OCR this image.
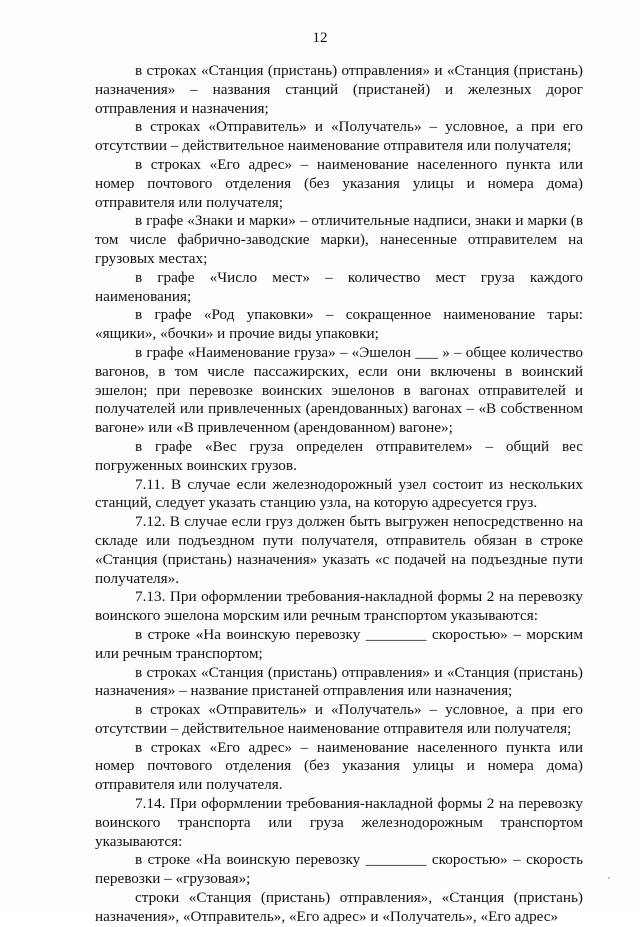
12

в строках «Станция (пристань) отправления» и «Станция (пристань) назначения» – названия станций (пристаней) и железных дорог отправления и назначения;

в строках «Отправитель» и «Получатель» – условное, а при его отсутствии – действительное наименование отправителя или получателя;

в строках «Его адрес» – наименование населенного пункта или номер почтового отделения (без указания улицы и номера дома) отправителя или получателя;

в графе «Знаки и марки» – отличительные надписи, знаки и марки (в том числе фабрично-заводские марки), нанесенные отправителем на грузовых местах;

в графе «Число мест» – количество мест груза каждого наименования;

в графе «Род упаковки» – сокращенное наименование тары: «ящики», «бочки» и прочие виды упаковки;

в графе «Наименование груза» – «Эшелон ___ » – общее количество вагонов, в том числе пассажирских, если они включены в воинский эшелон; при перевозке воинских эшелонов в вагонах отправителей и получателей или привлеченных (арендованных) вагонах – «В собственном вагоне» или «В привлеченном (арендованном) вагоне»;

в графе «Вес груза определен отправителем» – общий вес погруженных воинских грузов.

7.11. В случае если железнодорожный узел состоит из нескольких станций, следует указать станцию узла, на которую адресуется груз.

7.12. В случае если груз должен быть выгружен непосредственно на складе или подъездном пути получателя, отправитель обязан в строке «Станция (пристань) назначения» указать «с подачей на подъездные пути получателя».

7.13. При оформлении требования-накладной формы 2 на перевозку воинского эшелона морским или речным транспортом указываются:

в строке «На воинскую перевозку ________ скоростью» – морским или речным транспортом;

в строках «Станция (пристань) отправления» и «Станция (пристань) назначения» – название пристаней отправления или назначения;

в строках «Отправитель» и «Получатель» – условное, а при его отсутствии – действительное наименование отправителя или получателя;

в строках «Его адрес» – наименование населенного пункта или номер почтового отделения (без указания улицы и номера дома) отправителя или получателя.

7.14. При оформлении требования-накладной формы 2 на перевозку воинского транспорта или груза железнодорожным транспортом указываются:

в строке «На воинскую перевозку ________ скоростью» – скорость перевозки – «грузовая»;

строки «Станция (пристань) отправления», «Станция (пристань) назначения», «Отправитель», «Его адрес» и «Получатель», «Его адрес»
